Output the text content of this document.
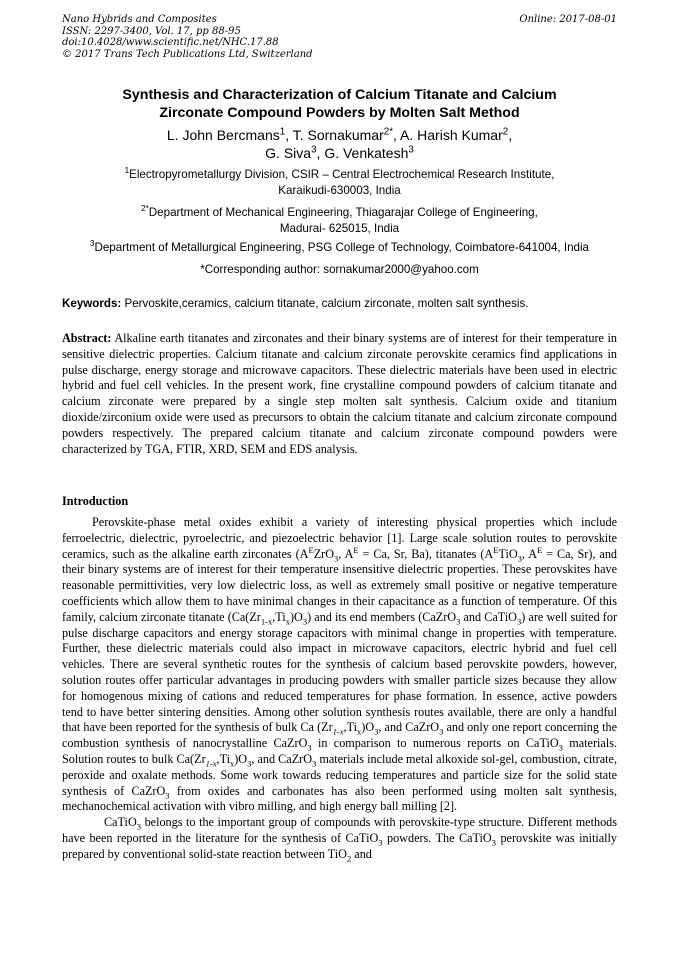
Nano Hybrids and Composites
ISSN: 2297-3400, Vol. 17, pp 88-95
doi:10.4028/www.scientific.net/NHC.17.88
© 2017 Trans Tech Publications Ltd, Switzerland
Online: 2017-08-01
Synthesis and Characterization of Calcium Titanate and Calcium
Zirconate Compound Powders by Molten Salt Method
L. John Bercmans$^1$, T. Sornakumar$^{2*}$, A. Harish Kumar$^2$,
G. Siva$^3$, G. Venkatesh$^3$
$^1$Electropyrometallurgy Division, CSIR – Central Electrochemical Research Institute,
Karaikudi-630003, India
$^{2*}$Department of Mechanical Engineering, Thiagarajar College of Engineering,
Madurai- 625015, India
$^3$Department of Metallurgical Engineering, PSG College of Technology, Coimbatore-641004, India
*Corresponding author: sornakumar2000@yahoo.com
Keywords: Pervoskite,ceramics, calcium titanate, calcium zirconate, molten salt synthesis.
Abstract: Alkaline earth titanates and zirconates and their binary systems are of interest for their temperature in sensitive dielectric properties. Calcium titanate and calcium zirconate perovskite ceramics find applications in pulse discharge, energy storage and microwave capacitors. These dielectric materials have been used in electric hybrid and fuel cell vehicles. In the present work, fine crystalline compound powders of calcium titanate and calcium zirconate were prepared by a single step molten salt synthesis. Calcium oxide and titanium dioxide/zirconium oxide were used as precursors to obtain the calcium titanate and calcium zirconate compound powders respectively. The prepared calcium titanate and calcium zirconate compound powders were characterized by TGA, FTIR, XRD, SEM and EDS analysis.
Introduction

Perovskite-phase metal oxides exhibit a variety of interesting physical properties which include ferroelectric, dielectric, pyroelectric, and piezoelectric behavior [1]. Large scale solution routes to perovskite ceramics, such as the alkaline earth zirconates ($A^EZrO_3$, $A^E = Ca$, Sr, Ba), titanates ($A^ETiO_3$, $A^E = Ca$, Sr), and their binary systems are of interest for their temperature insensitive dielectric properties. These perovskites have reasonable permittivities, very low dielectric loss, as well as extremely small positive or negative temperature coefficients which allow them to have minimal changes in their capacitance as a function of temperature. Of this family, calcium zirconate titanate $(Ca(Zr_{1-x},Ti_x)O_3)$ and its end members (CaZrO$_3$ and CaTiO$_3$) are well suited for pulse discharge capacitors and energy storage capacitors with minimal change in properties with temperature. Further, these dielectric materials could also impact in microwave capacitors, electric hybrid and fuel cell vehicles. There are several synthetic routes for the synthesis of calcium based perovskite powders, however, solution routes offer particular advantages in producing powders with smaller particle sizes because they allow for homogenous mixing of cations and reduced temperatures for phase formation. In essence, active powders tend to have better sintering densities. Among other solution synthesis routes available, there are only a handful that have been reported for the synthesis of bulk Ca $(Zr_{1-x},Ti_x)O_3$, and CaZrO$_3$ and only one report concerning the combustion synthesis of nanocrystalline CaZrO$_3$ in comparison to numerous reports on CaTiO$_3$ materials. Solution routes to bulk $Ca(Zr_{1-x},Ti_x)O_3$, and CaZrO$_3$ materials include metal alkoxide sol-gel, combustion, citrate, peroxide and oxalate methods. Some work towards reducing temperatures and particle size for the solid state synthesis of CaZrO$_3$ from oxides and carbonates has also been performed using molten salt synthesis, mechanochemical activation with vibro milling, and high energy ball milling [2].

CaTiO$_3$ belongs to the important group of compounds with perovskite-type structure. Different methods have been reported in the literature for the synthesis of CaTiO$_3$ powders. The CaTiO$_3$ perovskite was initially prepared by conventional solid-state reaction between TiO$_2$ and
